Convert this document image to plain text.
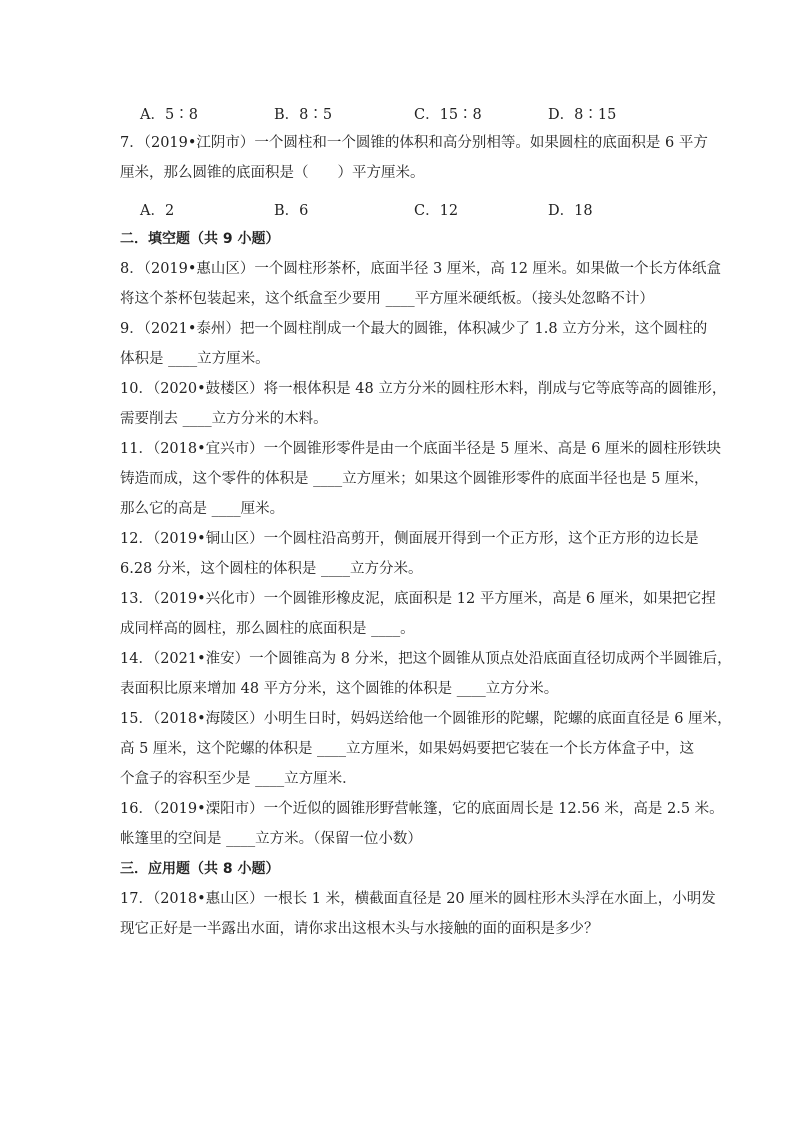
A．5∶8	B．8∶5	C．15∶8	D．8∶15

7．（2019•江阴市）一个圆柱和一个圆锥的体积和高分别相等。如果圆柱的底面积是 6 平方

厘米，那么圆锥的底面积是（　　）平方厘米。

A．2	B．6	C．12	D．18

二．填空题（共 9 小题）

8．（2019•惠山区）一个圆柱形茶杯，底面半径 3 厘米，高 12 厘米。如果做一个长方体纸盒

将这个茶杯包装起来，这个纸盒至少要用 ____平方厘米硬纸板。（接头处忽略不计）

9．（2021•泰州）把一个圆柱削成一个最大的圆锥，体积减少了 1.8 立方分米，这个圆柱的

体积是 ____立方厘米。

10．（2020•鼓楼区）将一根体积是 48 立方分米的圆柱形木料，削成与它等底等高的圆锥形，

需要削去 ____立方分米的木料。

11．（2018•宜兴市）一个圆锥形零件是由一个底面半径是 5 厘米、高是 6 厘米的圆柱形铁块

铸造而成，这个零件的体积是 ____立方厘米；如果这个圆锥形零件的底面半径也是 5 厘米，

那么它的高是 ____厘米。

12．（2019•铜山区）一个圆柱沿高剪开，侧面展开得到一个正方形，这个正方形的边长是

6.28 分米，这个圆柱的体积是 ____立方分米。

13．（2019•兴化市）一个圆锥形橡皮泥，底面积是 12 平方厘米，高是 6 厘米，如果把它捏

成同样高的圆柱，那么圆柱的底面积是 ____。

14．（2021•淮安）一个圆锥高为 8 分米，把这个圆锥从顶点处沿底面直径切成两个半圆锥后，

表面积比原来增加 48 平方分米，这个圆锥的体积是 ____立方分米。

15．（2018•海陵区）小明生日时，妈妈送给他一个圆锥形的陀螺，陀螺的底面直径是 6 厘米，

高 5 厘米，这个陀螺的体积是 ____立方厘米，如果妈妈要把它装在一个长方体盒子中，这

个盒子的容积至少是 ____立方厘米．

16．（2019•溧阳市）一个近似的圆锥形野营帐篷，它的底面周长是 12.56 米，高是 2.5 米。

帐篷里的空间是 ____立方米。（保留一位小数）

三．应用题（共 8 小题）

17．（2018•惠山区）一根长 1 米，横截面直径是 20 厘米的圆柱形木头浮在水面上，小明发

现它正好是一半露出水面，请你求出这根木头与水接触的面的面积是多少？
